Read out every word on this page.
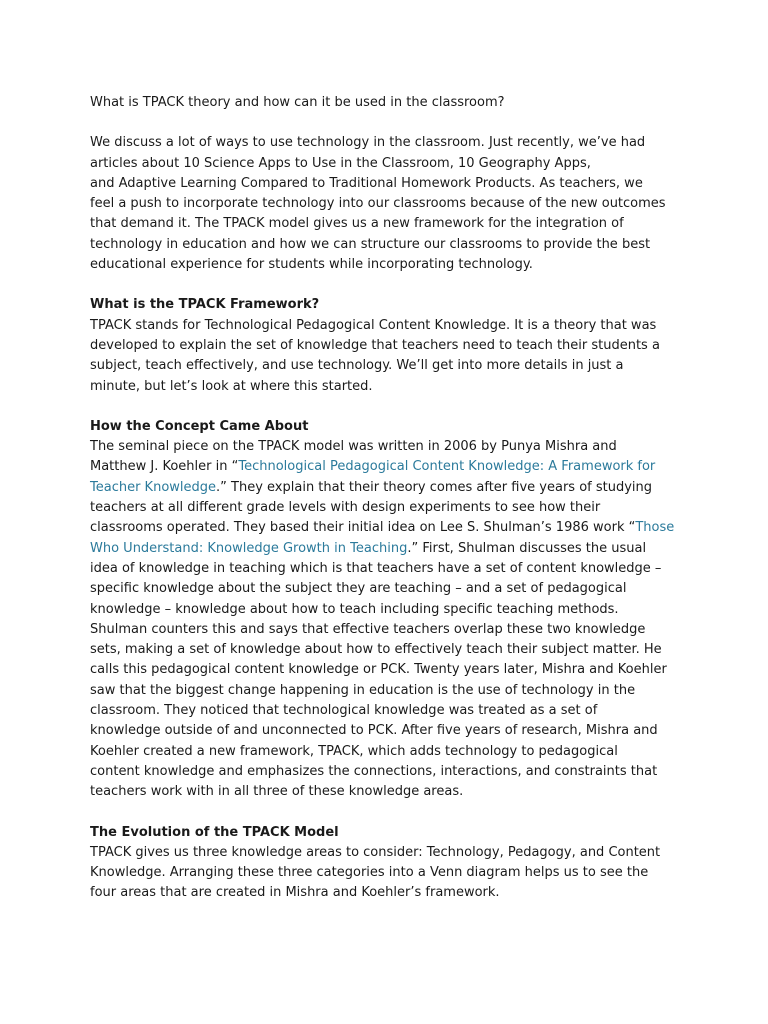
What is TPACK theory and how can it be used in the classroom?

We discuss a lot of ways to use technology in the classroom. Just recently, we’ve had
articles about 10 Science Apps to Use in the Classroom, 10 Geography Apps,
and Adaptive Learning Compared to Traditional Homework Products. As teachers, we
feel a push to incorporate technology into our classrooms because of the new outcomes
that demand it. The TPACK model gives us a new framework for the integration of
technology in education and how we can structure our classrooms to provide the best
educational experience for students while incorporating technology.

What is the TPACK Framework?

TPACK stands for Technological Pedagogical Content Knowledge. It is a theory that was
developed to explain the set of knowledge that teachers need to teach their students a
subject, teach effectively, and use technology. We’ll get into more details in just a
minute, but let’s look at where this started.

How the Concept Came About

The seminal piece on the TPACK model was written in 2006 by Punya Mishra and
Matthew J. Koehler in “Technological Pedagogical Content Knowledge: A Framework for
Teacher Knowledge.” They explain that their theory comes after five years of studying
teachers at all different grade levels with design experiments to see how their
classrooms operated. They based their initial idea on Lee S. Shulman’s 1986 work “Those
Who Understand: Knowledge Growth in Teaching.” First, Shulman discusses the usual
idea of knowledge in teaching which is that teachers have a set of content knowledge –
specific knowledge about the subject they are teaching – and a set of pedagogical
knowledge – knowledge about how to teach including specific teaching methods.
Shulman counters this and says that effective teachers overlap these two knowledge
sets, making a set of knowledge about how to effectively teach their subject matter. He
calls this pedagogical content knowledge or PCK. Twenty years later, Mishra and Koehler
saw that the biggest change happening in education is the use of technology in the
classroom. They noticed that technological knowledge was treated as a set of
knowledge outside of and unconnected to PCK. After five years of research, Mishra and
Koehler created a new framework, TPACK, which adds technology to pedagogical
content knowledge and emphasizes the connections, interactions, and constraints that
teachers work with in all three of these knowledge areas.

The Evolution of the TPACK Model

TPACK gives us three knowledge areas to consider: Technology, Pedagogy, and Content
Knowledge. Arranging these three categories into a Venn diagram helps us to see the
four areas that are created in Mishra and Koehler’s framework.
